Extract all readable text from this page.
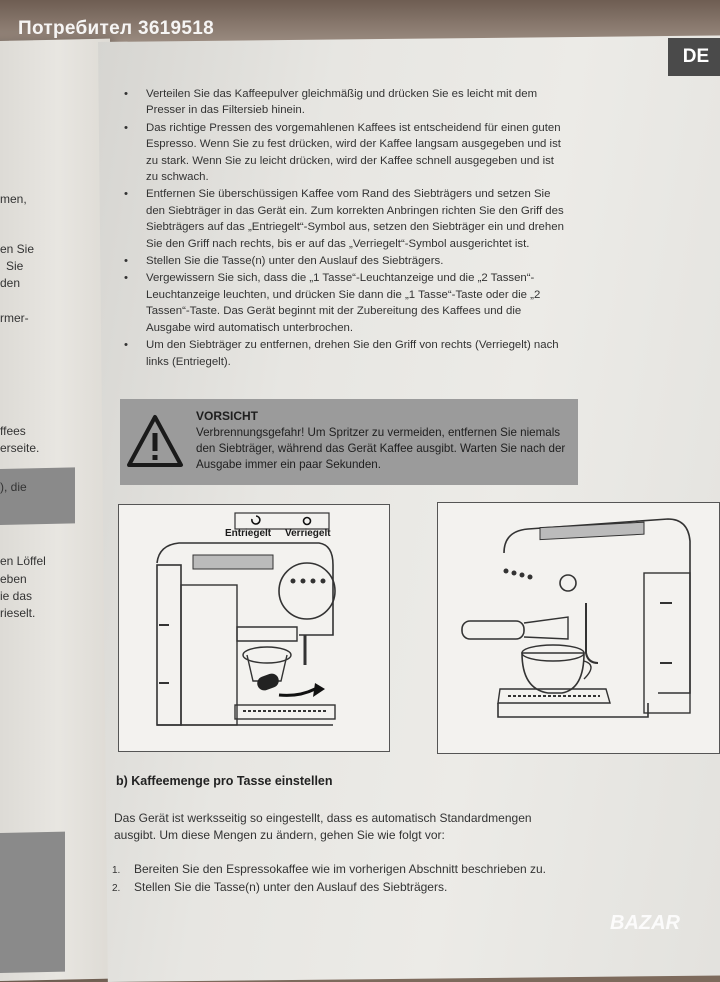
men,
en Sie
Sie
den
rmer-
ffees
erseite.
), die
en Löffel
eben
ie das
rieselt.
Потребител 3619518
DE
• Verteilen Sie das Kaffeepulver gleichmäßig und drücken Sie es leicht mit dem Presser in das Filtersieb hinein.
• Das richtige Pressen des vorgemahlenen Kaffees ist entscheidend für einen guten Espresso. Wenn Sie zu fest drücken, wird der Kaffee langsam ausgegeben und ist zu stark. Wenn Sie zu leicht drücken, wird der Kaffee schnell ausgegeben und ist zu schwach.
• Entfernen Sie überschüssigen Kaffee vom Rand des Siebträgers und setzen Sie den Siebträger in das Gerät ein. Zum korrekten Anbringen richten Sie den Griff des Siebträgers auf das „Entriegelt“-Symbol aus, setzen den Siebträger ein und drehen Sie den Griff nach rechts, bis er auf das „Verriegelt“-Symbol ausgerichtet ist.
• Stellen Sie die Tasse(n) unter den Auslauf des Siebträgers.
• Vergewissern Sie sich, dass die „1 Tasse“-Leuchtanzeige und die „2 Tassen“-Leuchtanzeige leuchten, und drücken Sie dann die „1 Tasse“-Taste oder die „2 Tassen“-Taste. Das Gerät beginnt mit der Zubereitung des Kaffees und die Ausgabe wird automatisch unterbrochen.
• Um den Siebträger zu entfernen, drehen Sie den Griff von rechts (Verriegelt) nach links (Entriegelt).
VORSICHT
Verbrennungsgefahr! Um Spritzer zu vermeiden, entfernen Sie niemals den Siebträger, während das Gerät Kaffee ausgibt. Warten Sie nach der Ausgabe immer ein paar Sekunden.
Entriegelt Verriegelt
b) Kaffeemenge pro Tasse einstellen
Das Gerät ist werksseitig so eingestellt, dass es automatisch Standardmengen ausgibt. Um diese Mengen zu ändern, gehen Sie wie folgt vor:
1. Bereiten Sie den Espressokaffee wie im vorherigen Abschnitt beschrieben zu.
2. Stellen Sie die Tasse(n) unter den Auslauf des Siebträgers.
BAZAR
